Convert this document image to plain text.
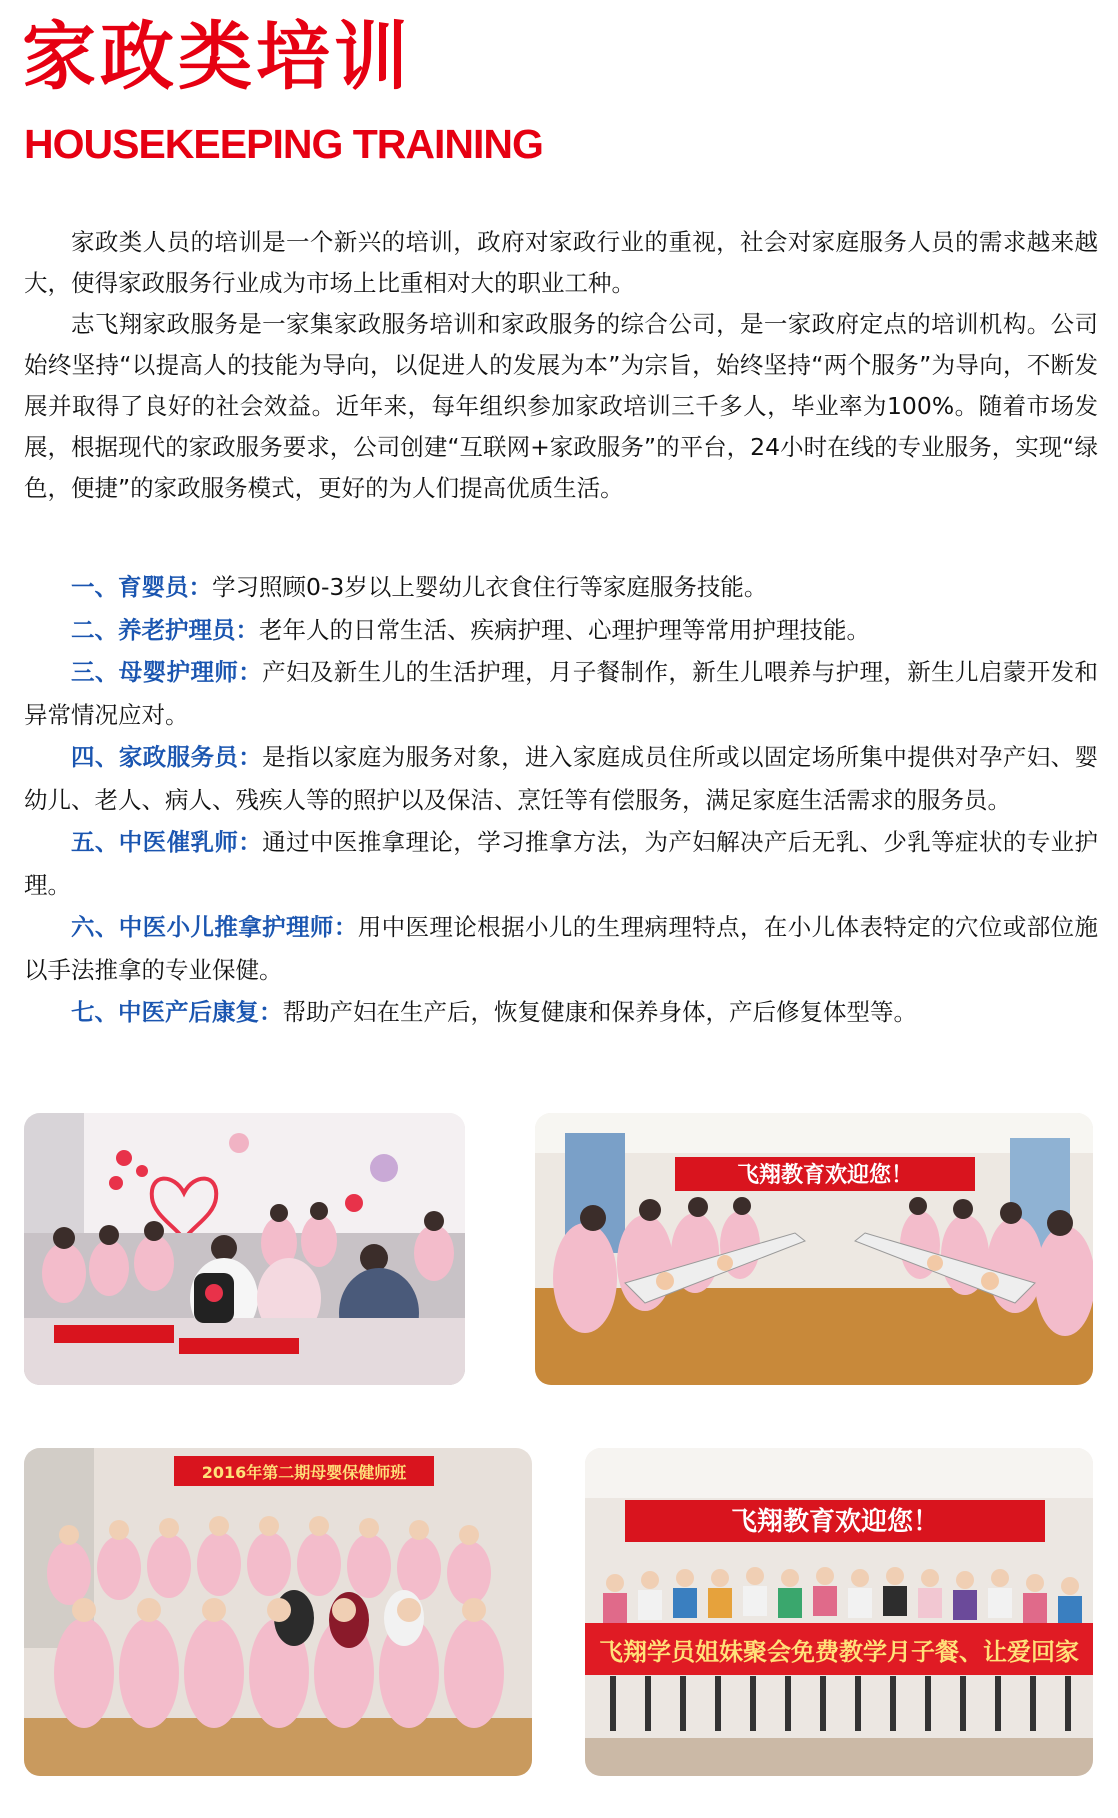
家政类培训
HOUSEKEEPING TRAINING

家政类人员的培训是一个新兴的培训，政府对家政行业的重视，社会对家庭服务人员的需求越来越大，使得家政服务行业成为市场上比重相对大的职业工种。

志飞翔家政服务是一家集家政服务培训和家政服务的综合公司，是一家政府定点的培训机构。公司始终坚持“以提高人的技能为导向，以促进人的发展为本”为宗旨，始终坚持“两个服务”为导向，不断发展并取得了良好的社会效益。近年来，每年组织参加家政培训三千多人，毕业率为100%。随着市场发展，根据现代的家政服务要求，公司创建“互联网+家政服务”的平台，24小时在线的专业服务，实现“绿色，便捷”的家政服务模式，更好的为人们提高优质生活。

一、育婴员：学习照顾0-3岁以上婴幼儿衣食住行等家庭服务技能。

二、养老护理员：老年人的日常生活、疾病护理、心理护理等常用护理技能。

三、母婴护理师：产妇及新生儿的生活护理，月子餐制作，新生儿喂养与护理，新生儿启蒙开发和异常情况应对。

四、家政服务员：是指以家庭为服务对象，进入家庭成员住所或以固定场所集中提供对孕产妇、婴幼儿、老人、病人、残疾人等的照护以及保洁、烹饪等有偿服务，满足家庭生活需求的服务员。

五、中医催乳师：通过中医推拿理论，学习推拿方法，为产妇解决产后无乳、少乳等症状的专业护理。

六、中医小儿推拿护理师：用中医理论根据小儿的生理病理特点，在小儿体表特定的穴位或部位施以手法推拿的专业保健。

七、中医产后康复：帮助产妇在生产后，恢复健康和保养身体，产后修复体型等。

飞翔教育欢迎您！
2016年第二期母婴保健师班
飞翔教育欢迎您！
飞翔学员姐妹聚会免费教学月子餐、让爱回家
